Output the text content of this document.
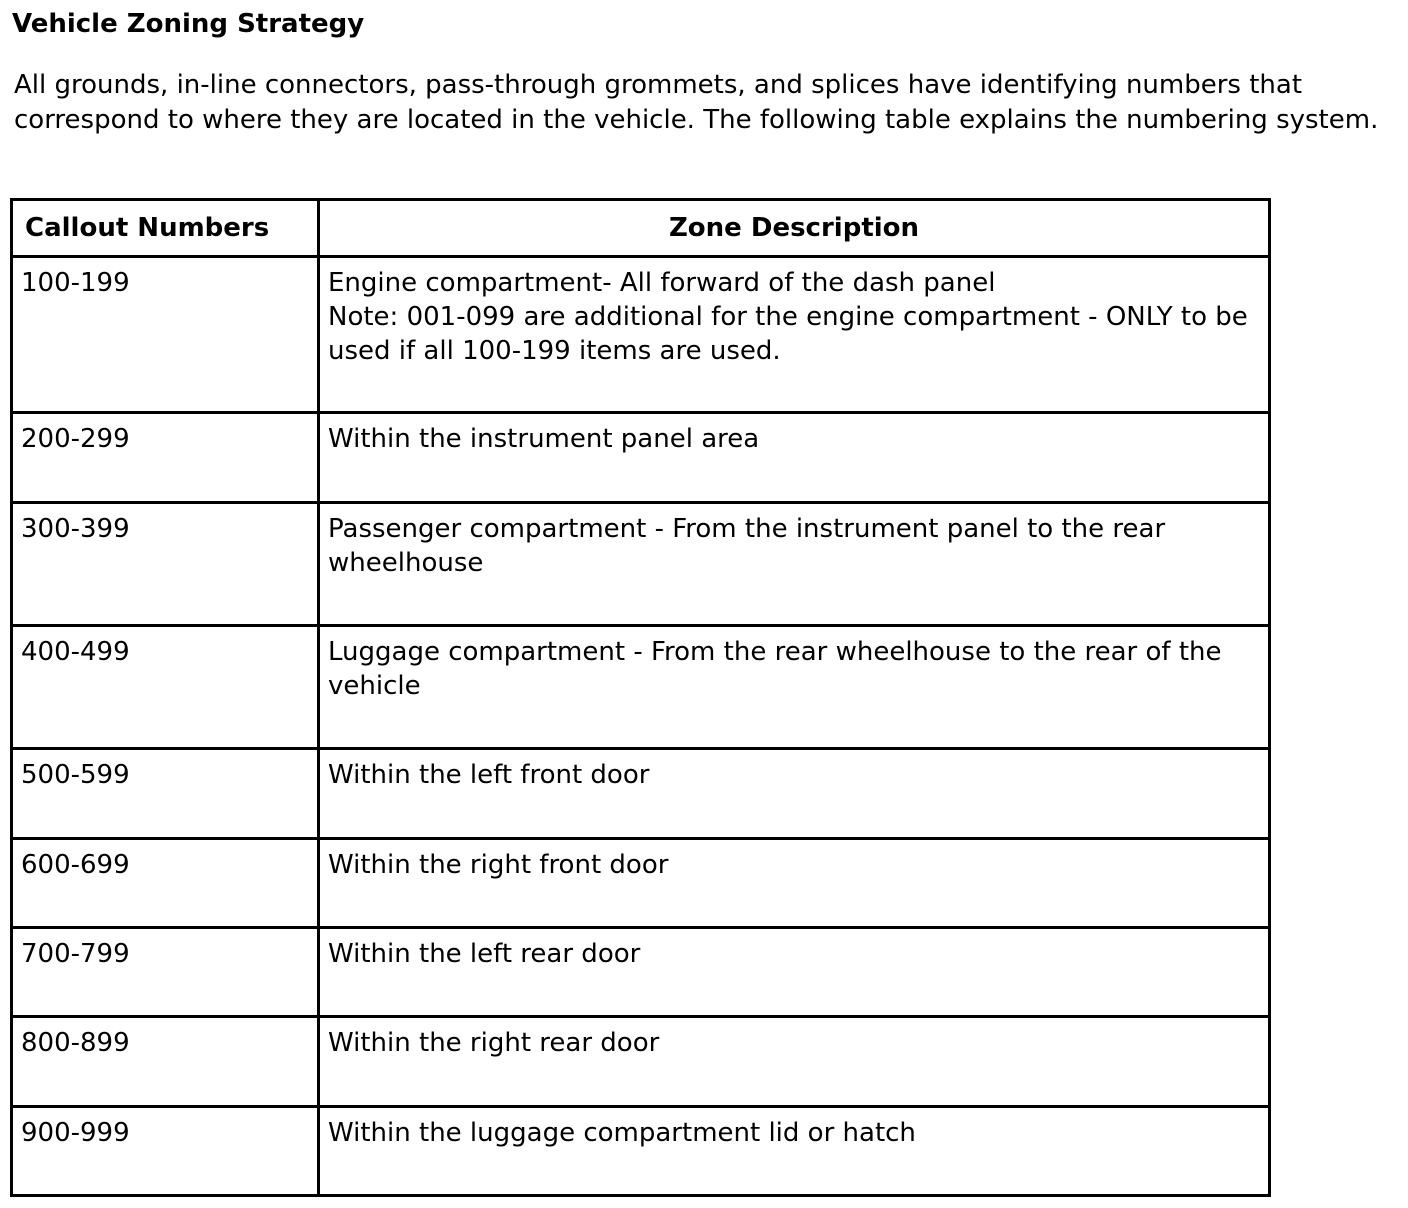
Vehicle Zoning Strategy

All grounds, in-line connectors, pass-through grommets, and splices have identifying numbers that correspond to where they are located in the vehicle. The following table explains the numbering system.

Callout Numbers	Zone Description
100-199	Engine compartment- All forward of the dash panel
Note: 001-099 are additional for the engine compartment - ONLY to be used if all 100-199 items are used.

200-299	Within the instrument panel area

300-399	Passenger compartment - From the instrument panel to the rear wheelhouse

400-499	Luggage compartment - From the rear wheelhouse to the rear of the vehicle

500-599	Within the left front door

600-699	Within the right front door

700-799	Within the left rear door

800-899	Within the right rear door

900-999	Within the luggage compartment lid or hatch
